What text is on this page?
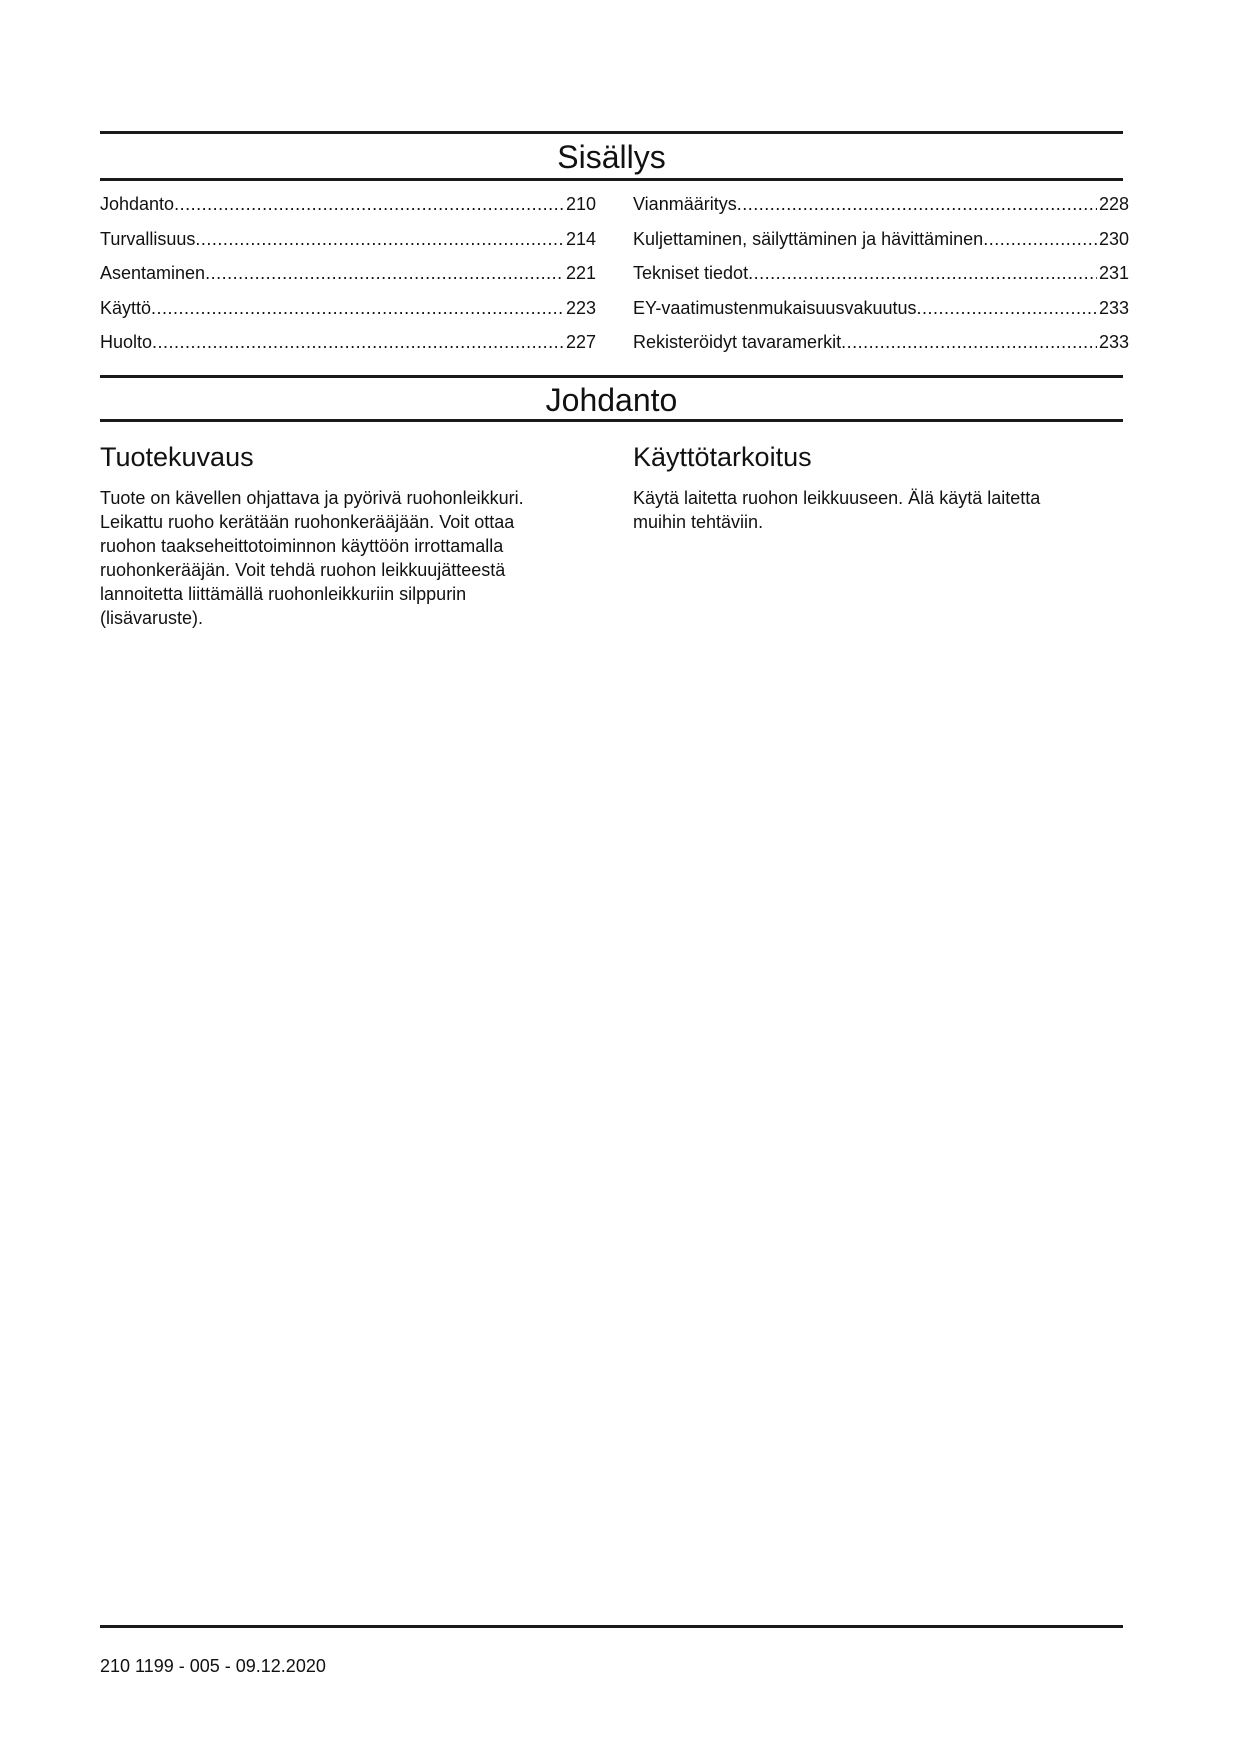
Sisällys
Johdanto .....	210
Turvallisuus .....	214
Asentaminen .....	221
Käyttö .....	223
Huolto .....	227
Vianmääritys .....	228
Kuljettaminen, säilyttäminen ja hävittäminen .....	230
Tekniset tiedot .....	231
EY-vaatimustenmukaisuusvakuutus .....	233
Rekisteröidyt tavaramerkit .....	233
Johdanto
Tuotekuvaus

Tuote on kävellen ohjattava ja pyörivä ruohonleikkuri.
Leikattu ruoho kerätään ruohonkerääjään. Voit ottaa
ruohon taakseheittotoiminnon käyttöön irrottamalla
ruohonkerääjän. Voit tehdä ruohon leikkuujätteestä
lannoitetta liittämällä ruohonleikkuriin silppurin
(lisävaruste).

Käyttötarkoitus

Käytä laitetta ruohon leikkuuseen. Älä käytä laitetta
muihin tehtäviin.

210 1199 - 005 - 09.12.2020
